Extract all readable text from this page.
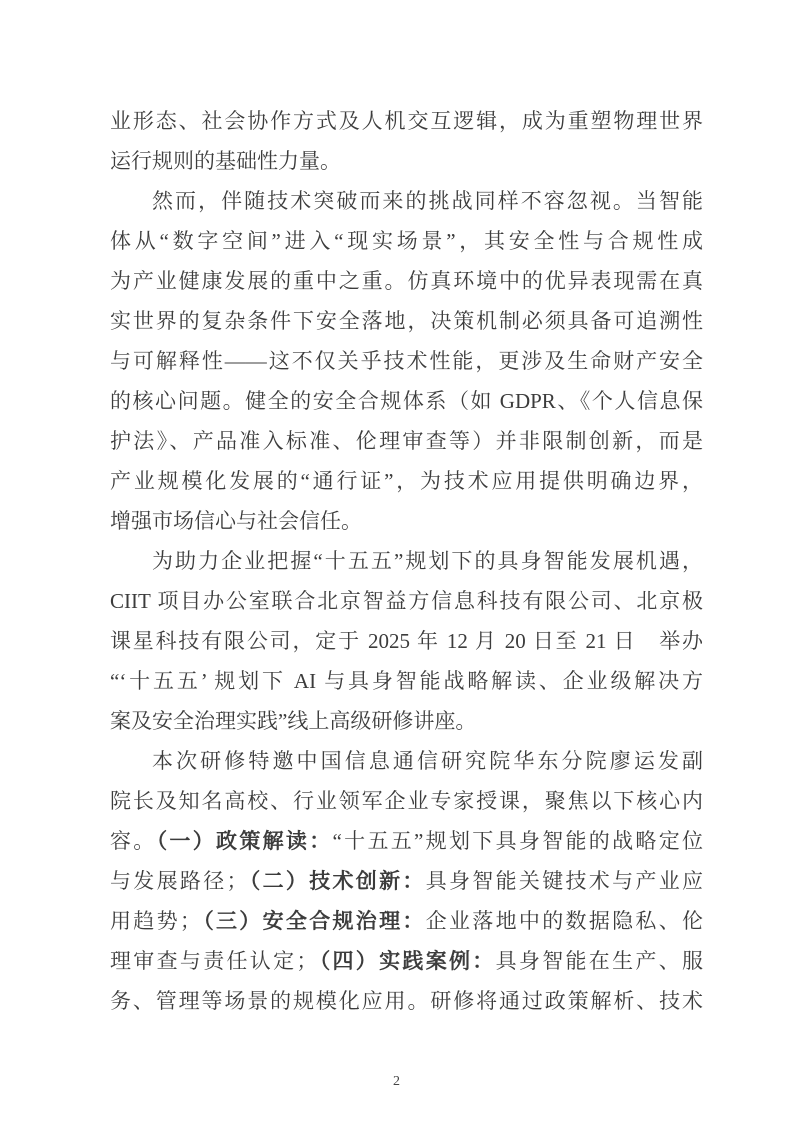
业形态、社会协作方式及人机交互逻辑，成为重塑物理世界
运行规则的基础性力量。
然而，伴随技术突破而来的挑战同样不容忽视。当智能
体从“数字空间”进入“现实场景”，其安全性与合规性成
为产业健康发展的重中之重。仿真环境中的优异表现需在真
实世界的复杂条件下安全落地，决策机制必须具备可追溯性
与可解释性——这不仅关乎技术性能，更涉及生命财产安全
的核心问题。健全的安全合规体系（如 GDPR、《个人信息保
护法》、产品准入标准、伦理审查等）并非限制创新，而是
产业规模化发展的“通行证”，为技术应用提供明确边界，
增强市场信心与社会信任。
为助力企业把握“十五五”规划下的具身智能发展机遇，
CIIT 项目办公室联合北京智益方信息科技有限公司、北京极
课星科技有限公司，定于 2025 年 12 月 20 日至 21 日　举办
“‘十五五’ 规划下 AI 与具身智能战略解读、企业级解决方
案及安全治理实践”线上高级研修讲座。
本次研修特邀中国信息通信研究院华东分院廖运发副
院长及知名高校、行业领军企业专家授课，聚焦以下核心内
容。（一）政策解读：“十五五”规划下具身智能的战略定位
与发展路径；（二）技术创新：具身智能关键技术与产业应
用趋势；（三）安全合规治理：企业落地中的数据隐私、伦
理审查与责任认定；（四）实践案例：具身智能在生产、服
务、管理等场景的规模化应用。研修将通过政策解析、技术
2
